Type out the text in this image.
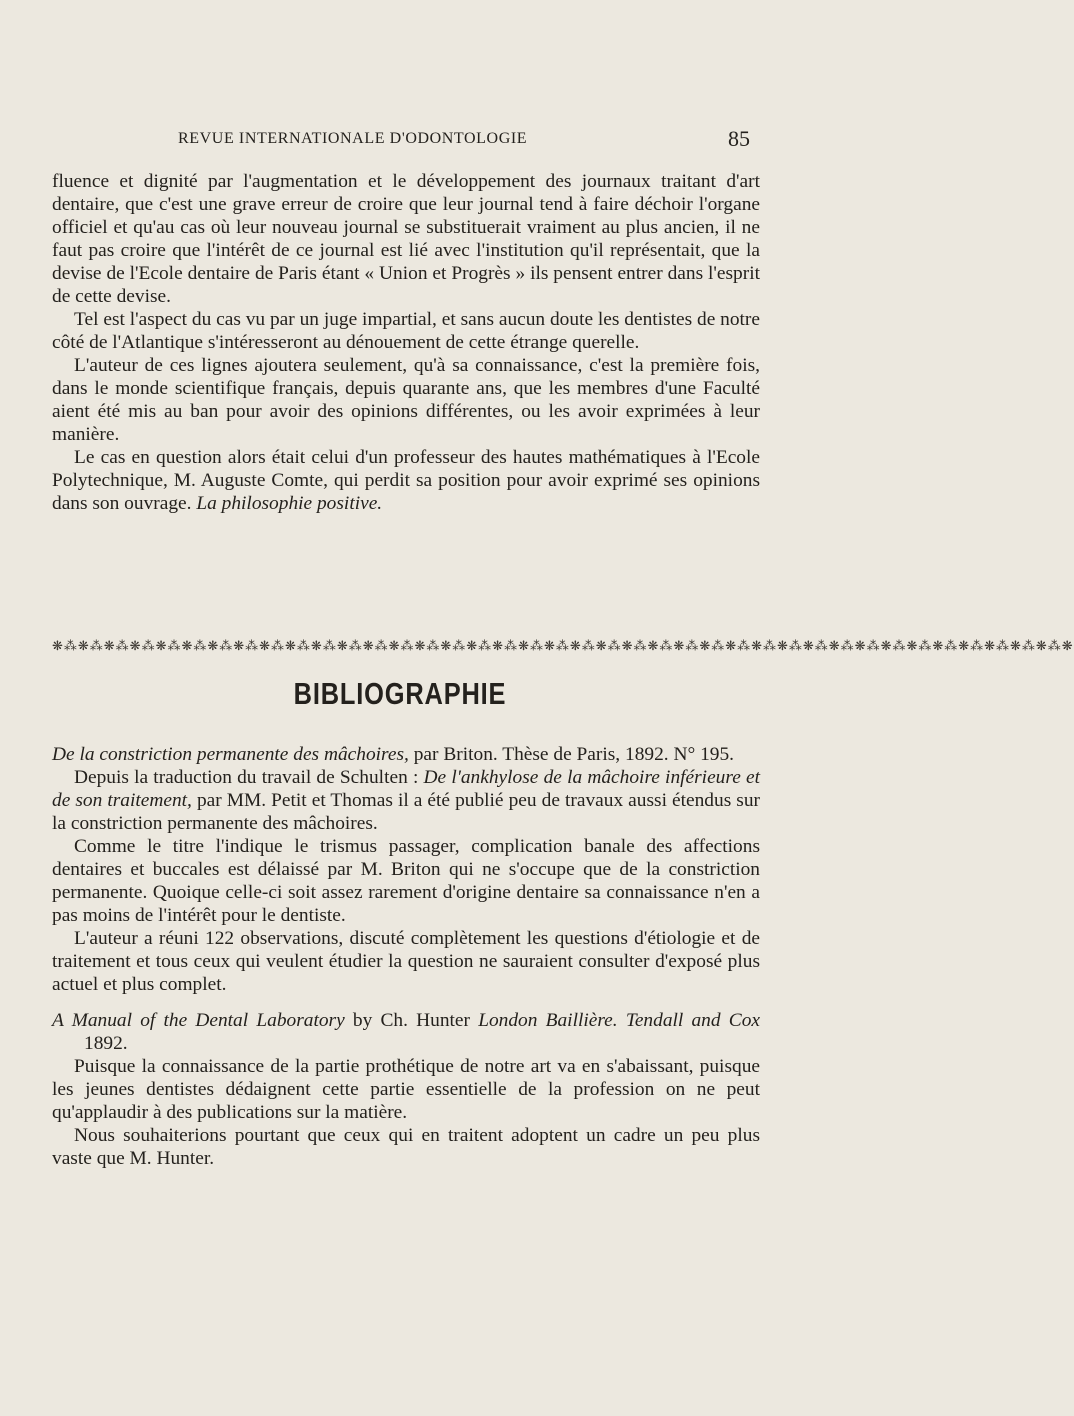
REVUE INTERNATIONALE D'ODONTOLOGIE	85

fluence et dignité par l'augmentation et le développement des journaux traitant d'art dentaire, que c'est une grave erreur de croire que leur journal tend à faire déchoir l'organe officiel et qu'au cas où leur nouveau journal se substituerait vraiment au plus ancien, il ne faut pas croire que l'intérêt de ce journal est lié avec l'institution qu'il représentait, que la devise de l'Ecole dentaire de Paris étant « Union et Progrès » ils pensent entrer dans l'esprit de cette devise.

Tel est l'aspect du cas vu par un juge impartial, et sans aucun doute les dentistes de notre côté de l'Atlantique s'intéresseront au dénouement de cette étrange querelle.

L'auteur de ces lignes ajoutera seulement, qu'à sa connaissance, c'est la première fois, dans le monde scientifique français, depuis quarante ans, que les membres d'une Faculté aient été mis au ban pour avoir des opinions différentes, ou les avoir exprimées à leur manière.

Le cas en question alors était celui d'un professeur des hautes mathématiques à l'Ecole Polytechnique, M. Auguste Comte, qui perdit sa position pour avoir exprimé ses opinions dans son ouvrage. La philosophie positive.

❋⁂❋⁂❋⁂❋⁂❋⁂❋⁂❋⁂❋⁂❋⁂❋⁂❋⁂❋⁂❋⁂❋⁂❋⁂❋⁂❋⁂❋⁂❋⁂❋⁂❋⁂❋⁂❋⁂❋⁂❋⁂❋⁂❋⁂❋⁂❋⁂❋⁂❋⁂❋⁂❋⁂❋⁂❋⁂❋⁂❋⁂❋⁂❋⁂❋
BIBLIOGRAPHIE

De la constriction permanente des mâchoires, par Briton. Thèse de Paris, 1892. N° 195.

Depuis la traduction du travail de Schulten : De l'ankhylose de la mâchoire inférieure et de son traitement, par MM. Petit et Thomas il a été publié peu de travaux aussi étendus sur la constriction permanente des mâchoires.

Comme le titre l'indique le trismus passager, complication banale des affections dentaires et buccales est délaissé par M. Briton qui ne s'occupe que de la constriction permanente. Quoique celle-ci soit assez rarement d'origine dentaire sa connaissance n'en a pas moins de l'intérêt pour le dentiste.

L'auteur a réuni 122 observations, discuté complètement les questions d'étiologie et de traitement et tous ceux qui veulent étudier la question ne sauraient consulter d'exposé plus actuel et plus complet.

A Manual of the Dental Laboratory by Ch. Hunter London Baillière. Tendall and Cox 1892.

Puisque la connaissance de la partie prothétique de notre art va en s'abaissant, puisque les jeunes dentistes dédaignent cette partie essentielle de la profession on ne peut qu'applaudir à des publications sur la matière.

Nous souhaiterions pourtant que ceux qui en traitent adoptent un cadre un peu plus vaste que M. Hunter.
